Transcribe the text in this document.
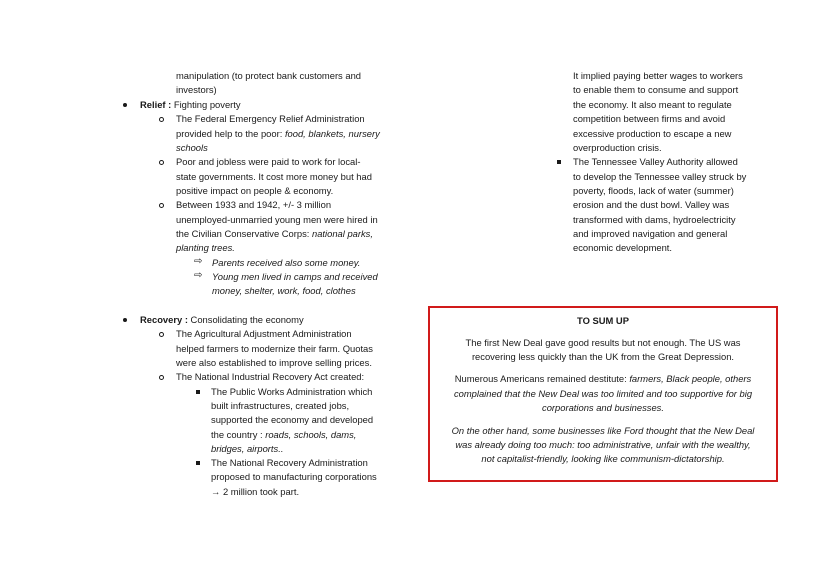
manipulation (to protect bank customers and
investors)
Relief : Fighting poverty
The Federal Emergency Relief Administration
provided help to the poor: food, blankets, nursery
schools
Poor and jobless were paid to work for local-
state governments. It cost more money but had
positive impact on people & economy.
Between 1933 and 1942, +/- 3 million
unemployed-unmarried young men were hired in
the Civilian Conservative Corps: national parks,
planting trees.
⇨ Parents received also some money.
⇨ Young men lived in camps and received
money, shelter, work, food, clothes
Recovery : Consolidating the economy
The Agricultural Adjustment Administration
helped farmers to modernize their farm. Quotas
were also established to improve selling prices.
The National Industrial Recovery Act created:
The Public Works Administration which
built infrastructures, created jobs,
supported the economy and developed
the country : roads, schools, dams,
bridges, airports..
The National Recovery Administration
proposed to manufacturing corporations
→ 2 million took part.
It implied paying better wages to workers
to enable them to consume and support
the economy. It also meant to regulate
competition between firms and avoid
excessive production to escape a new
overproduction crisis.
The Tennessee Valley Authority allowed
to develop the Tennessee valley struck by
poverty, floods, lack of water (summer)
erosion and the dust bowl. Valley was
transformed with dams, hydroelectricity
and improved navigation and general
economic development.
TO SUM UP
The first New Deal gave good results but not enough. The US was
recovering less quickly than the UK from the Great Depression.
Numerous Americans remained destitute: farmers, Black people, others
complained that the New Deal was too limited and too supportive for big
corporations and businesses.
On the other hand, some businesses like Ford thought that the New Deal
was already doing too much: too administrative, unfair with the wealthy,
not capitalist-friendly, looking like communism-dictatorship.
